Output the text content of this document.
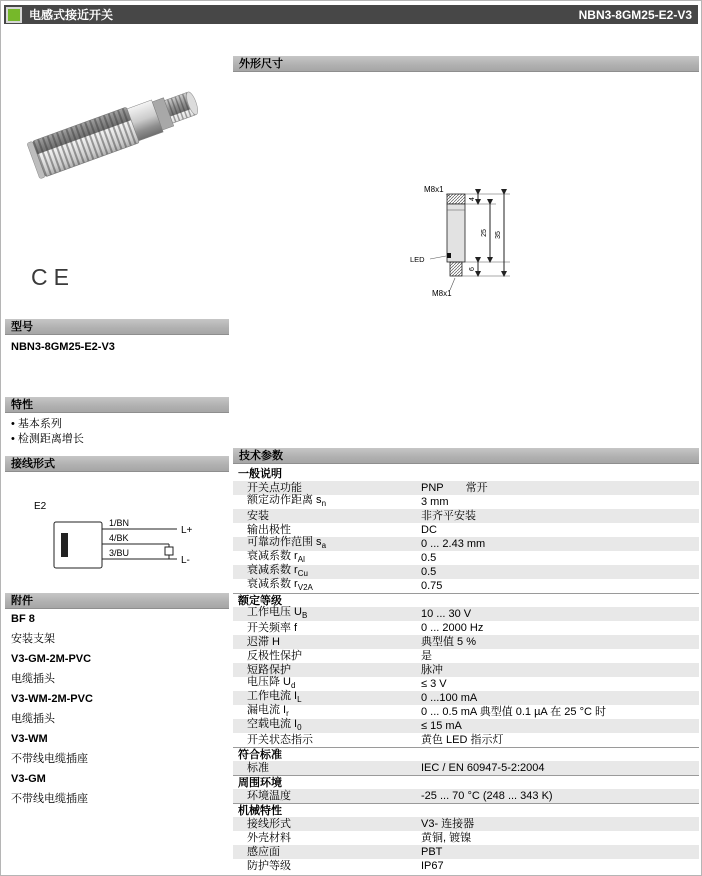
电感式接近开关	NBN3-8GM25-E2-V3
CE
型号
NBN3-8GM25-E2-V3
特性
• 基本系列
• 检测距离增长
接线形式
E2
1/BN
4/BK
3/BU
L+
L-
附件
BF 8
安装支架
V3-GM-2M-PVC
电缆插头
V3-WM-2M-PVC
电缆插头
V3-WM
不带线电缆插座
V3-GM
不带线电缆插座
外形尺寸
M8x1
4
25 35
6
LED
M8x1
技术参数
一般说明
开关点功能	PNP 常开
额定动作距离 $s_n$	3 mm
安装	非齐平安装
输出极性	DC
可靠动作范围 $s_a$	0 ... 2.43 mm
衰减系数 $r_{Al}$	0.5
衰减系数 $r_{Cu}$	0.5
衰减系数 $r_{V2A}$	0.75
额定等级
工作电压 $U_B$	10 ... 30 V
开关频率 f	0 ... 2000 Hz
迟滞 H	典型值 5 %
反极性保护	是
短路保护	脉冲
电压降 $U_d$	≤ 3 V
工作电流 $I_L$	0 ...100 mA
漏电流 $I_r$	0 ... 0.5 mA 典型值 0.1 µA 在 25 °C 时
空载电流 $I_0$	≤ 15 mA
开关状态指示	黄色 LED 指示灯
符合标准
标准	IEC / EN 60947-5-2:2004
周围环境
环境温度	-25 ... 70 °C (248 ... 343 K)
机械特性
接线形式	V3- 连接器
外壳材料	黄铜, 镀镍
感应面	PBT
防护等级	IP67
